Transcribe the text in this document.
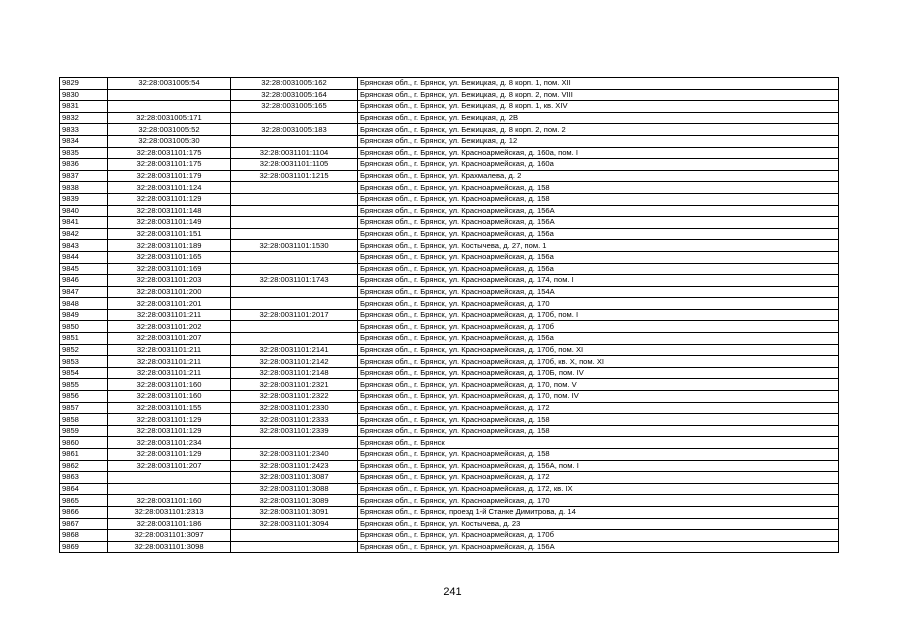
9829	32:28:0031005:54	32:28:0031005:162	Брянская обл., г. Брянск, ул. Бежицкая, д. 8 корп. 1, пом. XII
9830		32:28:0031005:164	Брянская обл., г. Брянск, ул. Бежицкая, д. 8 корп. 2, пом. VIII
9831		32:28:0031005:165	Брянская обл., г. Брянск, ул. Бежицкая, д. 8 корп. 1, кв. XIV
9832	32:28:0031005:171		Брянская обл., г. Брянск, ул. Бежицкая, д. 2В
9833	32:28:0031005:52	32:28:0031005:183	Брянская обл., г. Брянск, ул. Бежицкая, д. 8 корп. 2, пом. 2
9834	32:28:0031005:30		Брянская обл., г. Брянск, ул. Бежицкая, д. 12
9835	32:28:0031101:175	32:28:0031101:1104	Брянская обл., г. Брянск, ул. Красноармейская, д. 160а, пом. I
9836	32:28:0031101:175	32:28:0031101:1105	Брянская обл., г. Брянск, ул. Красноармейская, д. 160а
9837	32:28:0031101:179	32:28:0031101:1215	Брянская обл., г. Брянск, ул. Крахмалева, д. 2
9838	32:28:0031101:124		Брянская обл., г. Брянск, ул. Красноармейская, д. 158
9839	32:28:0031101:129		Брянская обл., г. Брянск, ул. Красноармейская, д. 158
9840	32:28:0031101:148		Брянская обл., г. Брянск, ул. Красноармейская, д. 156А
9841	32:28:0031101:149		Брянская обл., г. Брянск, ул. Красноармейская, д. 156А
9842	32:28:0031101:151		Брянская обл., г. Брянск, ул. Красноармейская, д. 156а
9843	32:28:0031101:189	32:28:0031101:1530	Брянская обл., г. Брянск, ул. Костычева, д. 27, пом. 1
9844	32:28:0031101:165		Брянская обл., г. Брянск, ул. Красноармейская, д. 156а
9845	32:28:0031101:169		Брянская обл., г. Брянск, ул. Красноармейская, д. 156а
9846	32:28:0031101:203	32:28:0031101:1743	Брянская обл., г. Брянск, ул. Красноармейская, д. 174, пом. I
9847	32:28:0031101:200		Брянская обл., г. Брянск, ул. Красноармейская, д. 154А
9848	32:28:0031101:201		Брянская обл., г. Брянск, ул. Красноармейская, д. 170
9849	32:28:0031101:211	32:28:0031101:2017	Брянская обл., г. Брянск, ул. Красноармейская, д. 170б, пом. I
9850	32:28:0031101:202		Брянская обл., г. Брянск, ул. Красноармейская, д. 170б
9851	32:28:0031101:207		Брянская обл., г. Брянск, ул. Красноармейская, д. 156а
9852	32:28:0031101:211	32:28:0031101:2141	Брянская обл., г. Брянск, ул. Красноармейская, д. 170б, пом. XI
9853	32:28:0031101:211	32:28:0031101:2142	Брянская обл., г. Брянск, ул. Красноармейская, д. 170б, кв. X, пом. XI
9854	32:28:0031101:211	32:28:0031101:2148	Брянская обл., г. Брянск, ул. Красноармейская, д. 170Б, пом. IV
9855	32:28:0031101:160	32:28:0031101:2321	Брянская обл., г. Брянск, ул. Красноармейская, д. 170, пом. V
9856	32:28:0031101:160	32:28:0031101:2322	Брянская обл., г. Брянск, ул. Красноармейская, д. 170, пом. IV
9857	32:28:0031101:155	32:28:0031101:2330	Брянская обл., г. Брянск, ул. Красноармейская, д. 172
9858	32:28:0031101:129	32:28:0031101:2333	Брянская обл., г. Брянск, ул. Красноармейская, д. 158
9859	32:28:0031101:129	32:28:0031101:2339	Брянская обл., г. Брянск, ул. Красноармейская, д. 158
9860	32:28:0031101:234		Брянская обл., г. Брянск
9861	32:28:0031101:129	32:28:0031101:2340	Брянская обл., г. Брянск, ул. Красноармейская, д. 158
9862	32:28:0031101:207	32:28:0031101:2423	Брянская обл., г. Брянск, ул. Красноармейская, д. 156А, пом. I
9863		32:28:0031101:3087	Брянская обл., г. Брянск, ул. Красноармейская, д. 172
9864		32:28:0031101:3088	Брянская обл., г. Брянск, ул. Красноармейская, д. 172, кв. IX
9865	32:28:0031101:160	32:28:0031101:3089	Брянская обл., г. Брянск, ул. Красноармейская, д. 170
9866	32:28:0031101:2313	32:28:0031101:3091	Брянская обл., г. Брянск, проезд 1-й Станке Димитрова, д. 14
9867	32:28:0031101:186	32:28:0031101:3094	Брянская обл., г. Брянск, ул. Костычева, д. 23
9868	32:28:0031101:3097		Брянская обл., г. Брянск, ул. Красноармейская, д. 170б
9869	32:28:0031101:3098		Брянская обл., г. Брянск, ул. Красноармейская, д. 156А
241
